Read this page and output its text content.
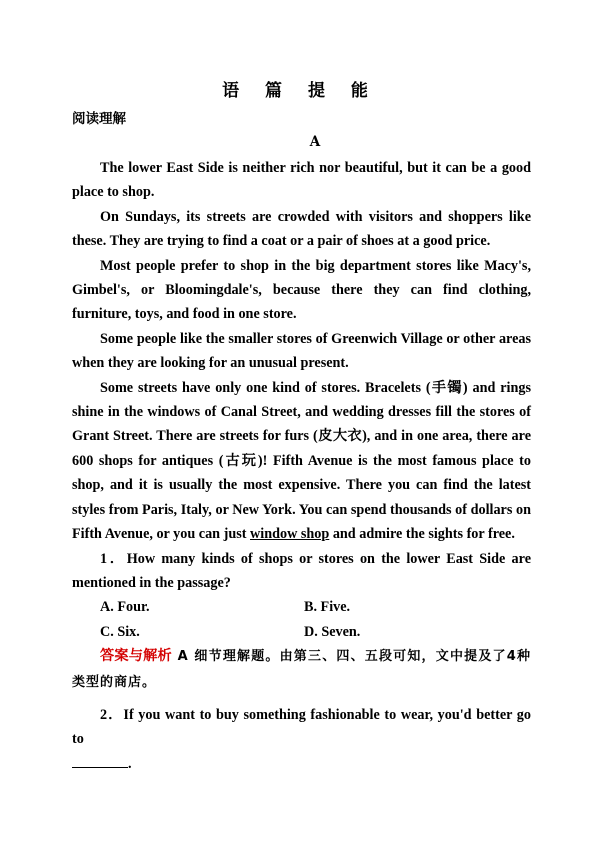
语 篇 提 能
阅读理解
A

The lower East Side is neither rich nor beautiful, but it can be a good place to shop.

On Sundays, its streets are crowded with visitors and shoppers like these. They are trying to find a coat or a pair of shoes at a good price.

Most people prefer to shop in the big department stores like Macy's, Gimbel's, or Bloomingdale's, because there they can find clothing, furniture, toys, and food in one store.

Some people like the smaller stores of Greenwich Village or other areas when they are looking for an unusual present.

Some streets have only one kind of stores. Bracelets (手镯) and rings shine in the windows of Canal Street, and wedding dresses fill the stores of Grant Street. There are streets for furs (皮大衣), and in one area, there are 600 shops for antiques (古玩)! Fifth Avenue is the most famous place to shop, and it is usually the most expensive. There you can find the latest styles from Paris, Italy, or New York. You can spend thousands of dollars on Fifth Avenue, or you can just window shop and admire the sights for free.

1．How many kinds of shops or stores on the lower East Side are mentioned in the passage?

A. Four.	B. Five.
C. Six.	D. Seven.

答案与解析 A 细节理解题。由第三、四、五段可知，文中提及了4种类型的商店。

2．If you want to buy something fashionable to wear, you'd better go to
.
